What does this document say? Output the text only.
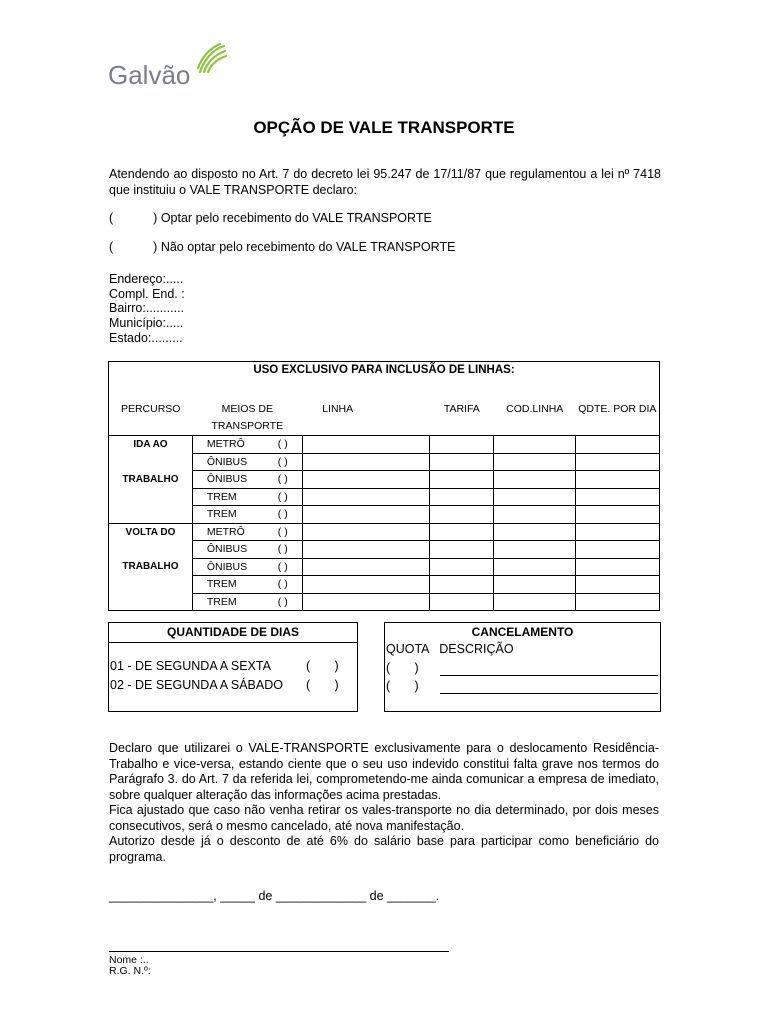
Galvão
OPÇÃO DE VALE TRANSPORTE
Atendendo ao disposto no Art. 7 do decreto lei 95.247 de 17/11/87 que regulamentou a lei nº 7418 que instituiu o VALE TRANSPORTE declaro:
(	) Optar pelo recebimento do VALE TRANSPORTE
(	) Não optar pelo recebimento do VALE TRANSPORTE
Endereço:.....
Compl. End. :
Bairro:...........
Município:.....
Estado:.........
USO EXCLUSIVO PARA INCLUSÃO DE LINHAS:					
PERCURSO	MEIOS DE TRANSPORTE	LINHA	TARIFA	COD.LINHA	QDTE. POR DIA
IDA AO	METRÔ ( )				

	ÔNIBUS ( )				

TRABALHO	ÔNIBUS ( )				

	TREM ( )				

	TREM ( )				

VOLTA DO	METRÔ ( )				

	ÔNIBUS ( )				

TRABALHO	ÔNIBUS ( )				

	TREM ( )				

	TREM ( )				

QUANTIDADE DE DIAS
01 - DE SEGUNDA A SEXTA	(       )
02 - DE SEGUNDA A SÁBADO (       )
CANCELAMENTO
QUOTA   DESCRIÇÃO
(       )
(       )
Declaro que utilizarei o VALE-TRANSPORTE exclusivamente para o deslocamento Residência-Trabalho e vice-versa, estando ciente que o seu uso indevido constitui falta grave nos termos do Parágrafo 3. do Art. 7 da referida lei, comprometendo-me ainda comunicar a empresa de imediato, sobre qualquer alteração das informações acima prestadas.
Fica ajustado que caso não venha retirar os vales-transporte no dia determinado, por dois meses consecutivos, será o mesmo cancelado, até nova manifestação.
Autorizo desde já o desconto de até 6% do salário base para participar como beneficiário do programa.
_______________, _____ de _____________ de _______.
Nome :..
R.G. N.º:
